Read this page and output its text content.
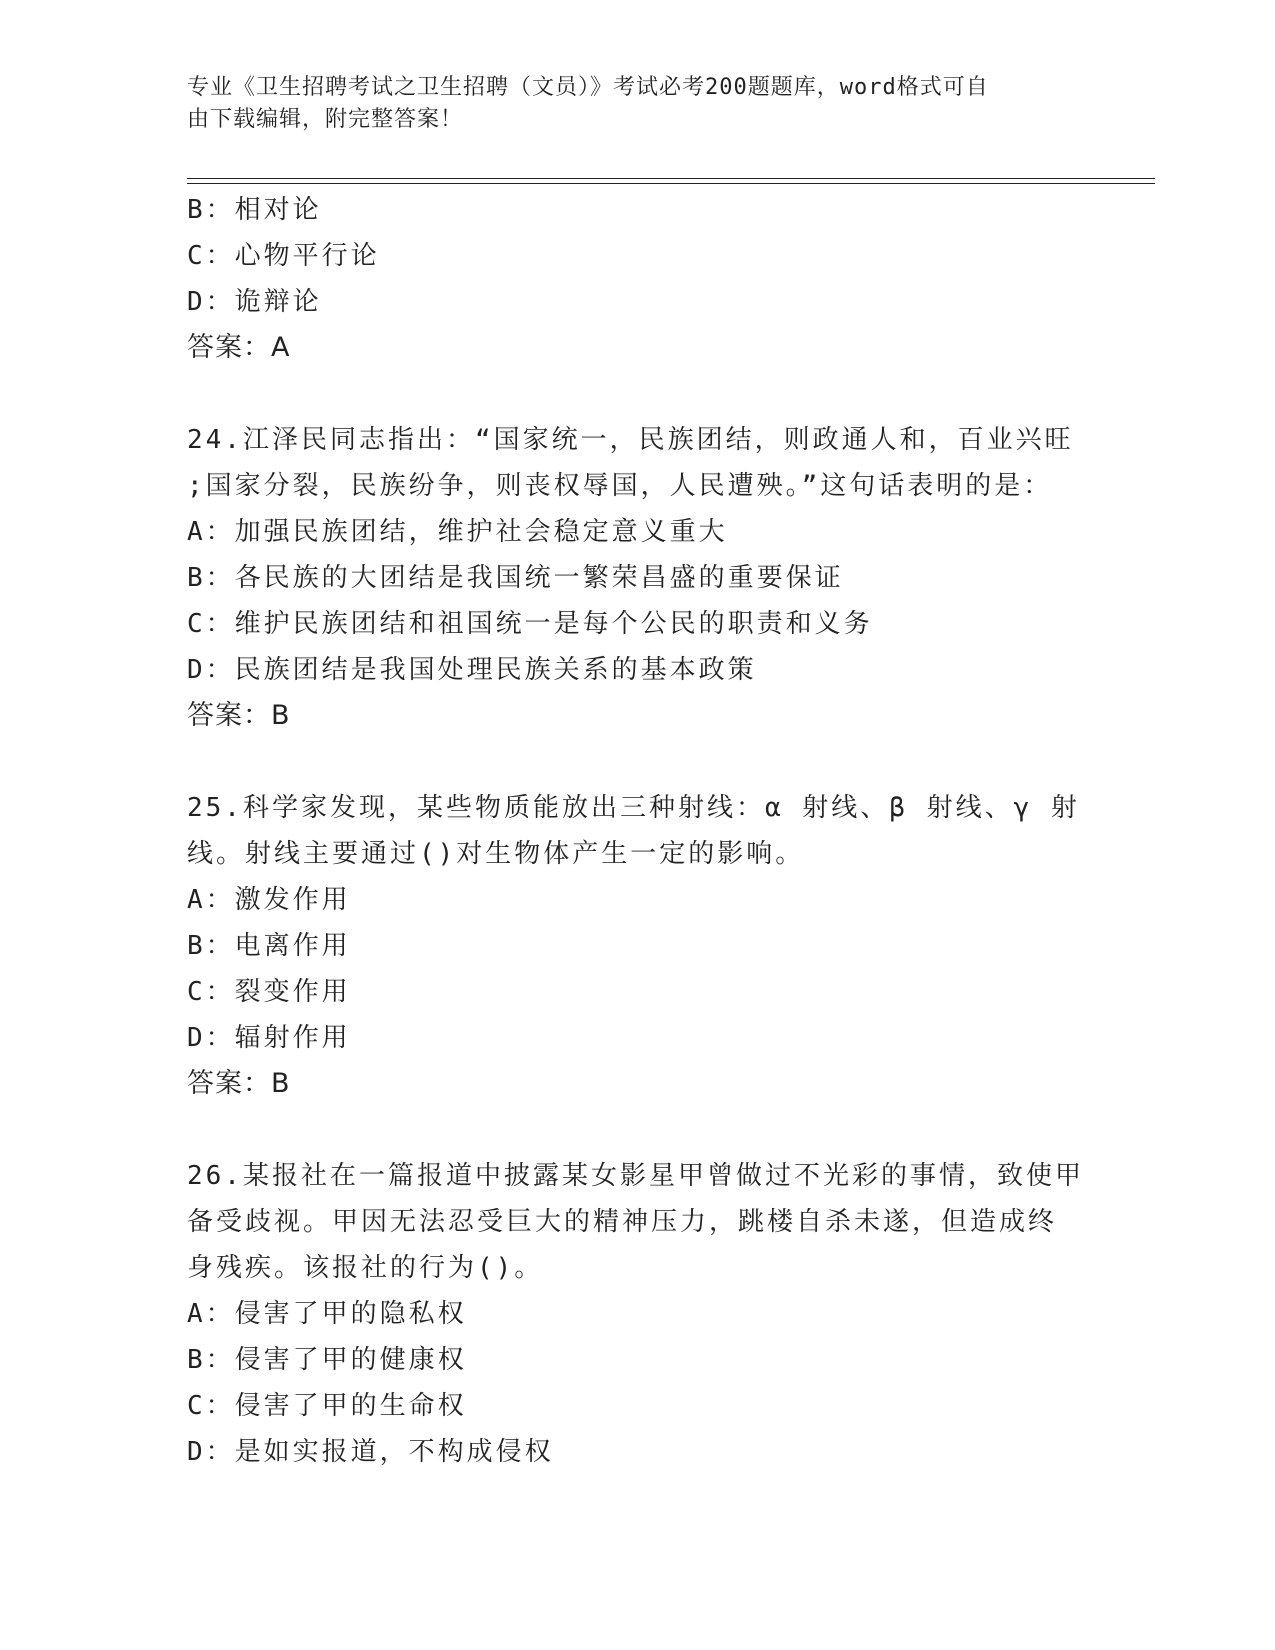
专业《卫生招聘考试之卫生招聘（文员）》考试必考200题题库，word格式可自
由下载编辑，附完整答案！
B：相对论
C：心物平行论
D：诡辩论
答案：A
24.江泽民同志指出：“国家统一，民族团结，则政通人和，百业兴旺
;国家分裂，民族纷争，则丧权辱国，人民遭殃。”这句话表明的是：
A：加强民族团结，维护社会稳定意义重大
B：各民族的大团结是我国统一繁荣昌盛的重要保证
C：维护民族团结和祖国统一是每个公民的职责和义务
D：民族团结是我国处理民族关系的基本政策
答案：B
25.科学家发现，某些物质能放出三种射线：α 射线、β 射线、γ 射
线。射线主要通过()对生物体产生一定的影响。
A：激发作用
B：电离作用
C：裂变作用
D：辐射作用
答案：B
26.某报社在一篇报道中披露某女影星甲曾做过不光彩的事情，致使甲
备受歧视。甲因无法忍受巨大的精神压力，跳楼自杀未遂，但造成终
身残疾。该报社的行为()。
A：侵害了甲的隐私权
B：侵害了甲的健康权
C：侵害了甲的生命权
D：是如实报道，不构成侵权
